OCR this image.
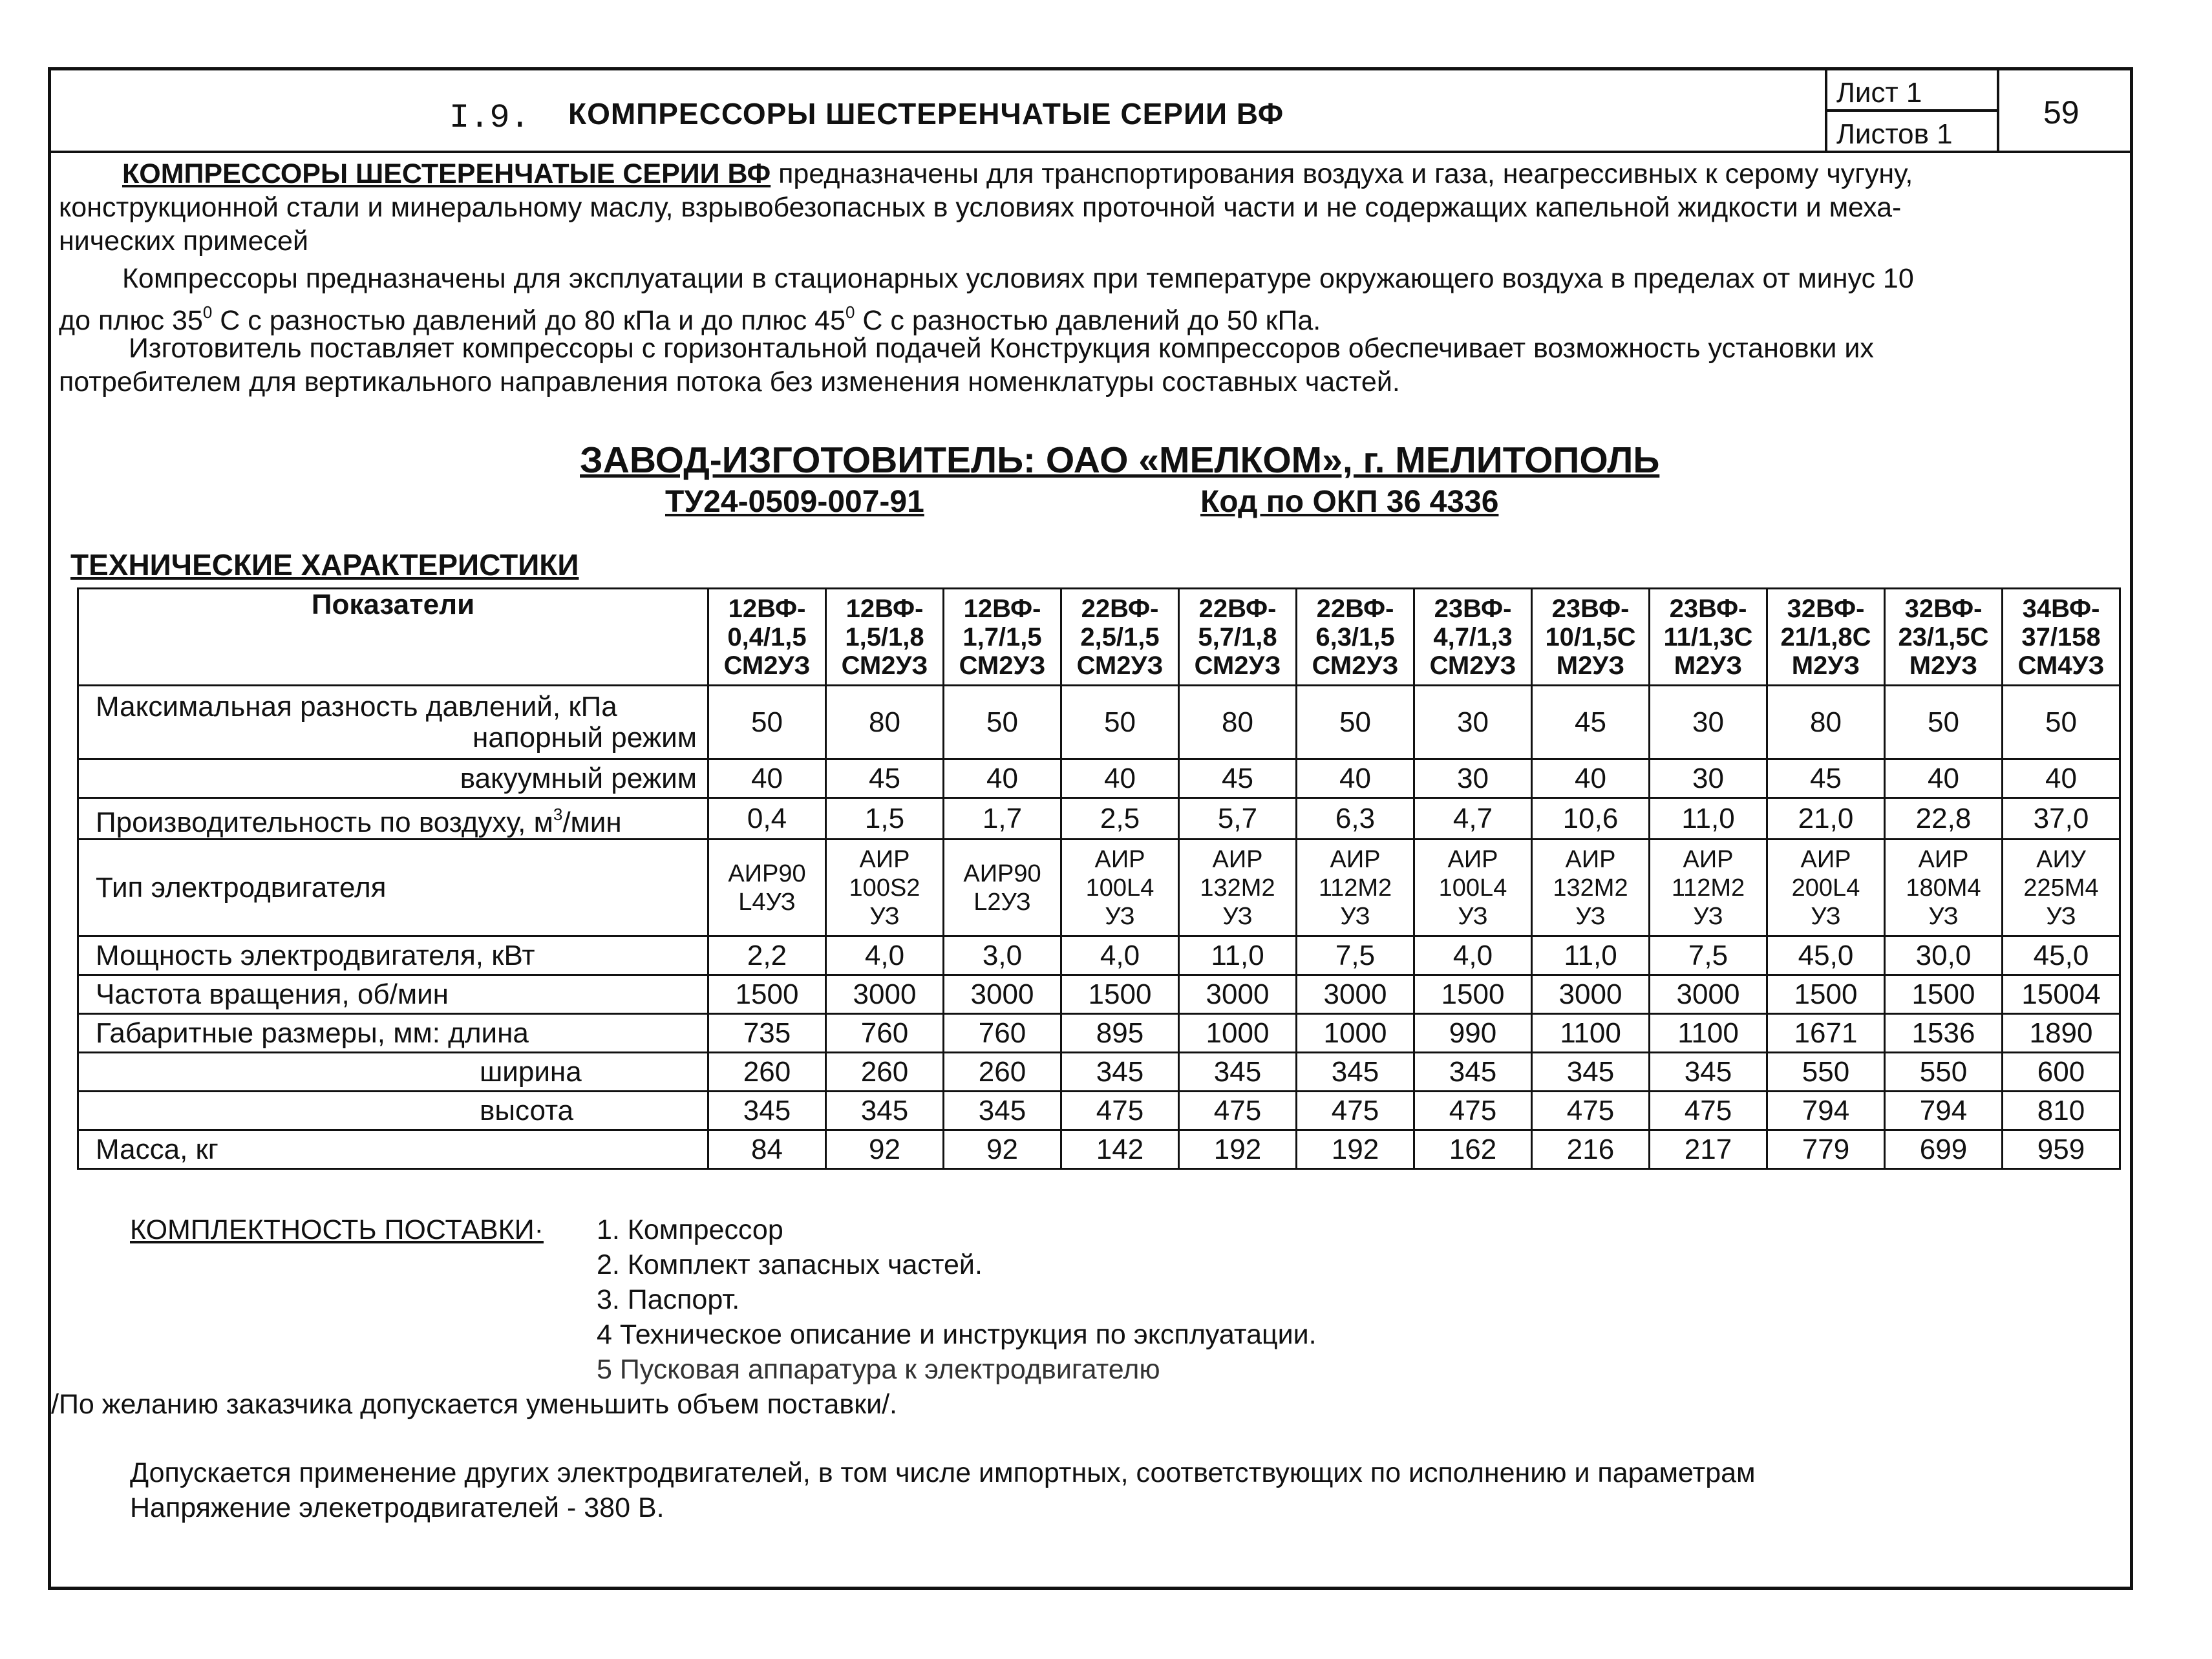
I.9. КОМПРЕССОРЫ ШЕСТЕРЕНЧАТЫЕ СЕРИИ ВФ
Лист 1
Листов 1
59
КОМПРЕССОРЫ ШЕСТЕРЕНЧАТЫЕ СЕРИИ ВФ предназначены для транспортирования воздуха и газа, неагрессивных к серому чугуну,
конструкционной стали и минеральному маслу, взрывобезопасных в условиях проточной части и не содержащих капельной жидкости и меха-
нических примесей
Компрессоры предназначены для эксплуатации в стационарных условиях при температуре окружающего воздуха в пределах от минус 10
до плюс $35^0$ С с разностью давлений до 80 кПа и до плюс $45^0$ С с разностью давлений до 50 кПа.
Изготовитель поставляет компрессоры с горизонтальной подачей Конструкция компрессоров обеспечивает возможность установки их
потребителем для вертикального направления потока без изменения номенклатуры составных частей.
ЗАВОД-ИЗГОТОВИТЕЛЬ: ОАО «МЕЛКОМ», г. МЕЛИТОПОЛЬ
ТУ24-0509-007-91	Код по ОКП 36 4336
ТЕХНИЧЕСКИЕ ХАРАКТЕРИСТИКИ
Показатели	12ВФ-
0,4/1,5
СМ2УЗ	12ВФ-
1,5/1,8
СМ2УЗ	12ВФ-
1,7/1,5
СМ2УЗ	22ВФ-
2,5/1,5
СМ2УЗ	22ВФ-
5,7/1,8
СМ2УЗ	22ВФ-
6,3/1,5
СМ2УЗ	23ВФ-
4,7/1,3
СМ2УЗ	23ВФ-
10/1,5С
М2УЗ	23ВФ-
11/1,3С
М2УЗ	32ВФ-
21/1,8С
М2УЗ	32ВФ-
23/1,5С
М2УЗ	34ВФ-
37/158
СМ4УЗ

Максимальная разность давлений, кПа
напорный режим	50	80	50	50	80	50	30	45	30	80	50	50
вакуумный режим	40	45	40	40	45	40	30	40	30	45	40	40
Производительность по воздуху, $м^3$/мин	0,4	1,5	1,7	2,5	5,7	6,3	4,7	10,6	11,0	21,0	22,8	37,0
Тип электродвигателя	АИР90
L4УЗ	АИР
100S2
УЗ	АИР90
L2УЗ	АИР
100L4
УЗ	АИР
132М2
УЗ	АИР
112М2
УЗ	АИР
100L4
УЗ	АИР
132М2
УЗ	АИР
112М2
УЗ	АИР
200L4
УЗ	АИР
180М4
УЗ	АИУ
225М4
УЗ
Мощность электродвигателя, кВт	2,2	4,0	3,0	4,0	11,0	7,5	4,0	11,0	7,5	45,0	30,0	45,0
Частота вращения, об/мин	1500	3000	3000	1500	3000	3000	1500	3000	3000	1500	1500	15004
Габаритные размеры, мм: длина	735	760	760	895	1000	1000	990	1100	1100	1671	1536	1890
ширина	260	260	260	345	345	345	345	345	345	550	550	600
высота	345	345	345	475	475	475	475	475	475	794	794	810
Масса, кг	84	92	92	142	192	192	162	216	217	779	699	959
КОМПЛЕКТНОСТЬ ПОСТАВКИ· 1. Компрессор
2. Комплект запасных частей.
3. Паспорт.
4 Техническое описание и инструкция по эксплуатации.
5 Пусковая аппаратура к электродвигателю
/По желанию заказчика допускается уменьшить объем поставки/.
Допускается применение других электродвигателей, в том числе импортных, соответствующих по исполнению и параметрам
Напряжение элекетродвигателей - 380 В.
